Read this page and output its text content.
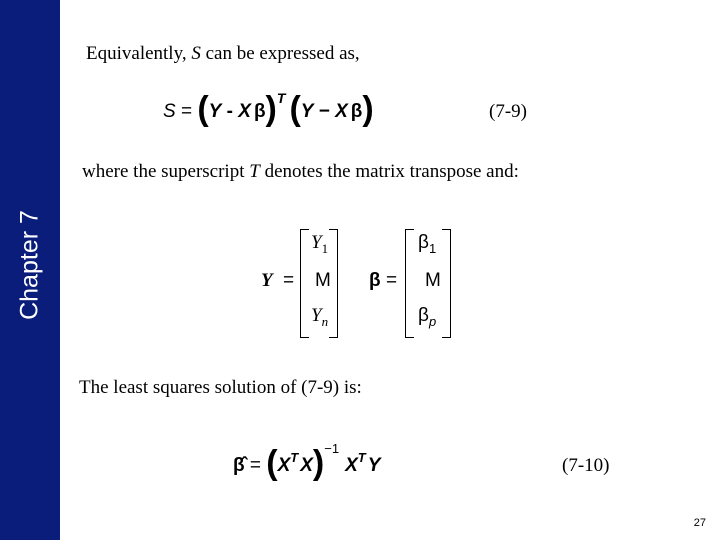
Chapter 7
Equivalently, S can be expressed as,
S = (Y - X β)$^T$ (Y − X β)	(7-9)
where the superscript T denotes the matrix transpose and:
Y =
$Y_1$
M
$Y_n$
β =
$\beta_1$
M
$\beta_p$
The least squares solution of (7-9) is:
β̂ = ($X^T$ $X)^{-1}X^T$ Y	(7-10)
27
